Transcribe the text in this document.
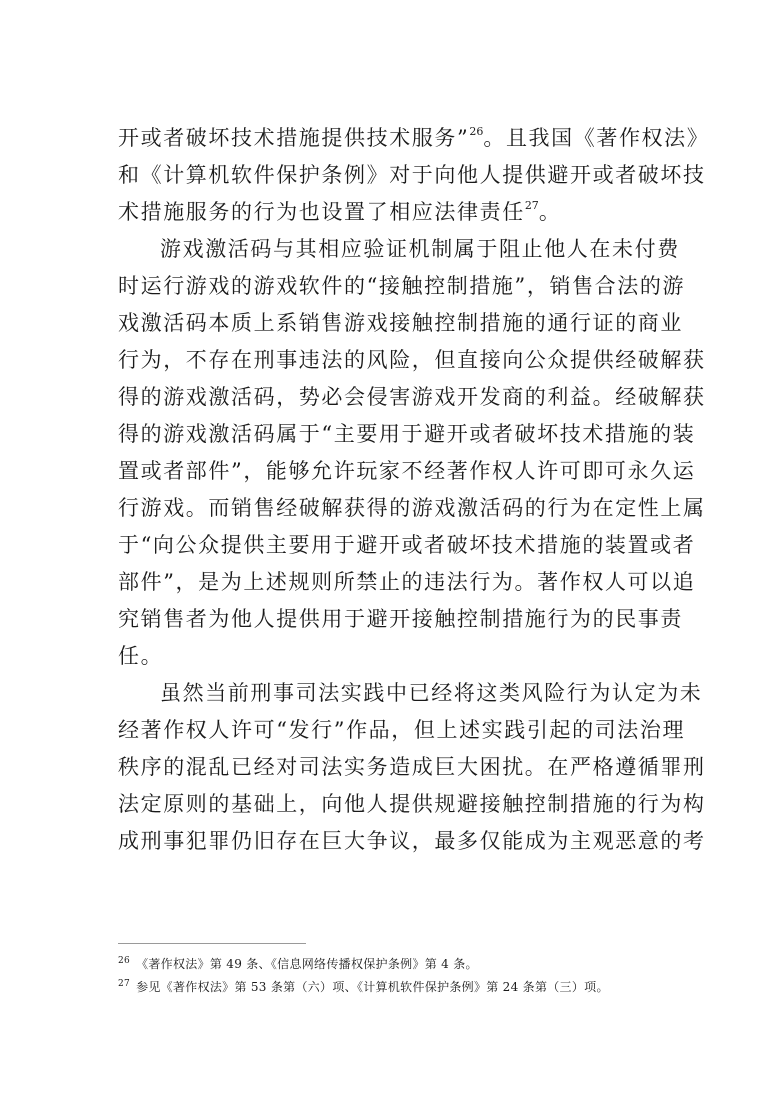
开或者破坏技术措施提供技术服务”$^{26}$。且我国《著作权法》
和《计算机软件保护条例》对于向他人提供避开或者破坏技
术措施服务的行为也设置了相应法律责任$^{27}$。
游戏激活码与其相应验证机制属于阻止他人在未付费
时运行游戏的游戏软件的“接触控制措施”，销售合法的游
戏激活码本质上系销售游戏接触控制措施的通行证的商业
行为，不存在刑事违法的风险，但直接向公众提供经破解获
得的游戏激活码，势必会侵害游戏开发商的利益。经破解获
得的游戏激活码属于“主要用于避开或者破坏技术措施的装
置或者部件”，能够允许玩家不经著作权人许可即可永久运
行游戏。而销售经破解获得的游戏激活码的行为在定性上属
于“向公众提供主要用于避开或者破坏技术措施的装置或者
部件”，是为上述规则所禁止的违法行为。著作权人可以追
究销售者为他人提供用于避开接触控制措施行为的民事责
任。
虽然当前刑事司法实践中已经将这类风险行为认定为未
经著作权人许可“发行”作品，但上述实践引起的司法治理
秩序的混乱已经对司法实务造成巨大困扰。在严格遵循罪刑
法定原则的基础上，向他人提供规避接触控制措施的行为构
成刑事犯罪仍旧存在巨大争议，最多仅能成为主观恶意的考
$^{26}$ 《著作权法》第 49 条、《信息网络传播权保护条例》第 4 条。
$^{27}$ 参见《著作权法》第 53 条第（六）项、《计算机软件保护条例》第 24 条第（三）项。
